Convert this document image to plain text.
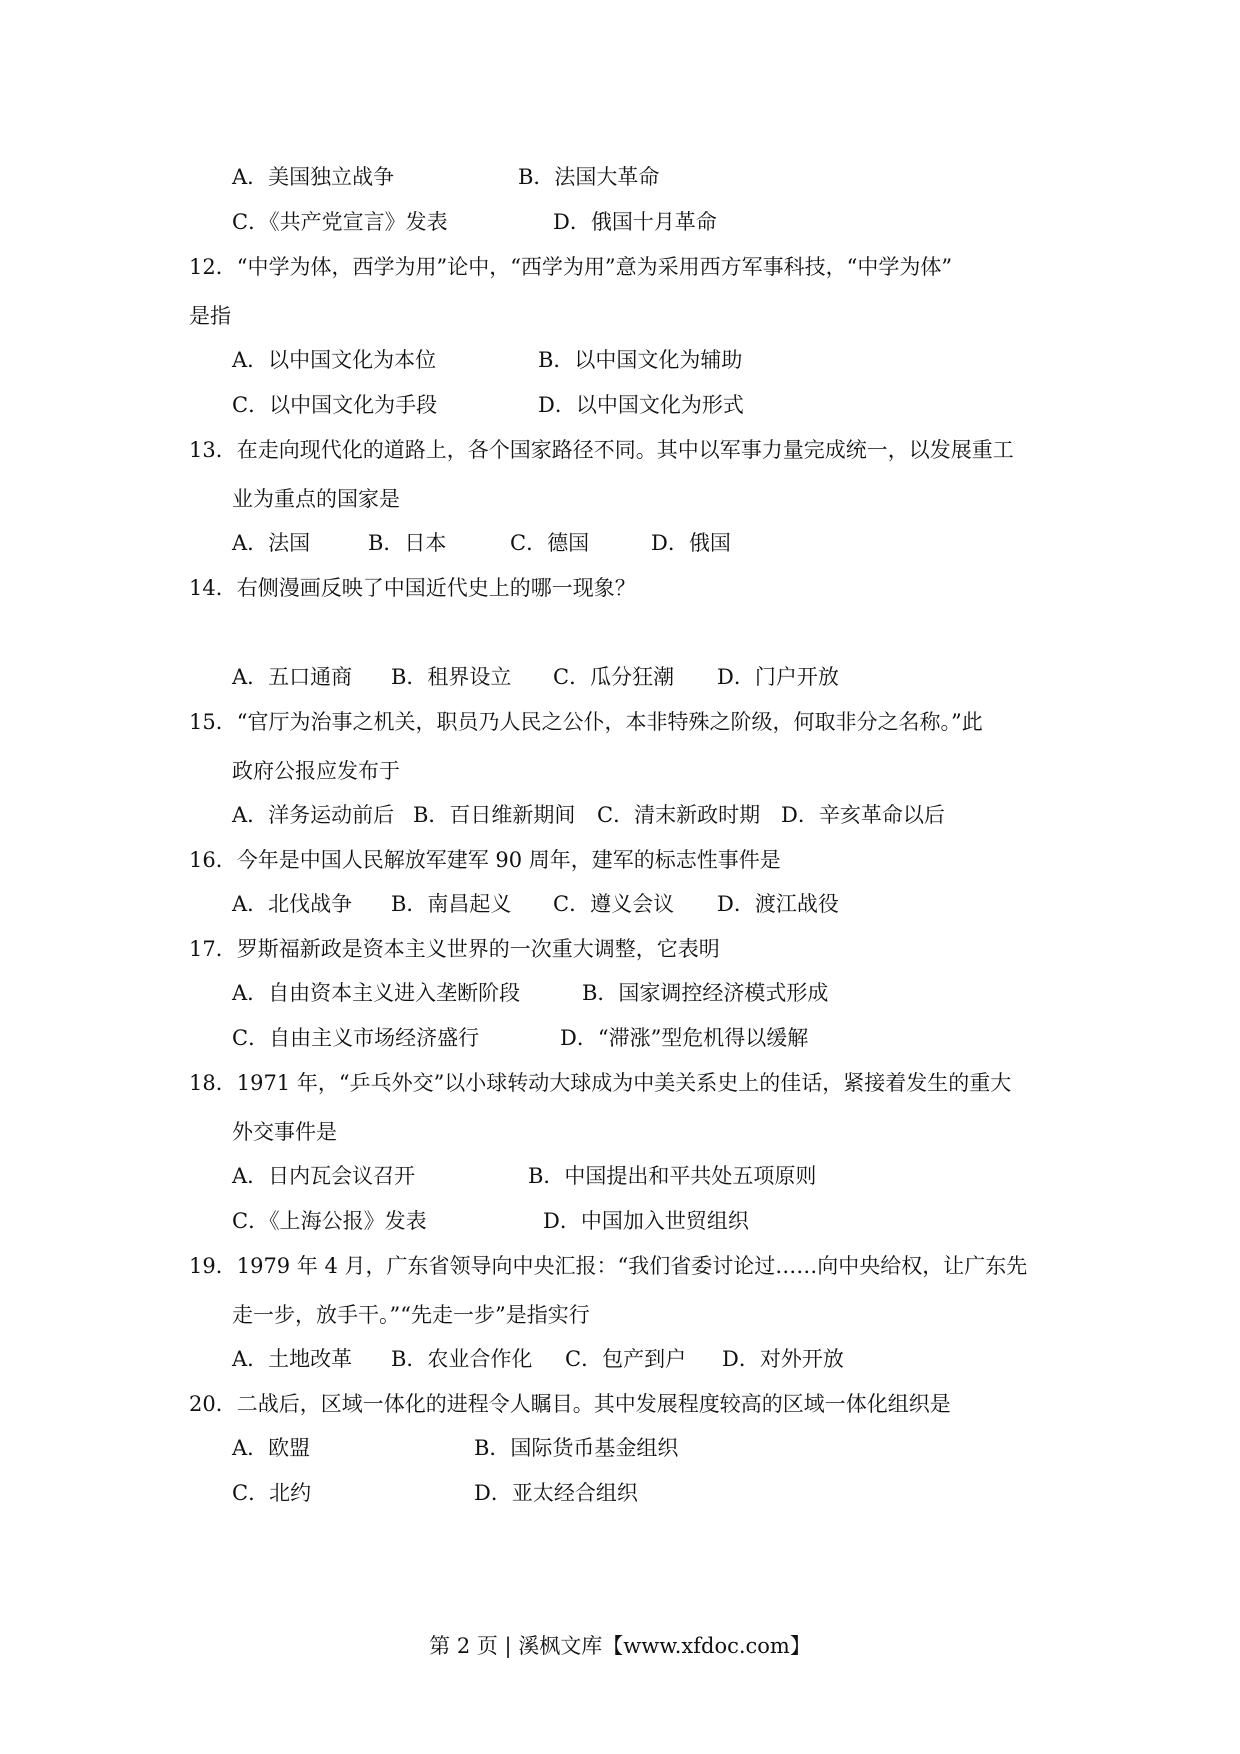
A．美国独立战争	B．法国大革命
C．《共产党宣言》发表	D．俄国十月革命
12．“中学为体，西学为用”论中，“西学为用”意为采用西方军事科技，“中学为体”
是指
A．以中国文化为本位	B．以中国文化为辅助
C．以中国文化为手段	D．以中国文化为形式
13．在走向现代化的道路上，各个国家路径不同。其中以军事力量完成统一，以发展重工
业为重点的国家是
A．法国	B．日本	C．德国	D．俄国
14．右侧漫画反映了中国近代史上的哪一现象？
A．五口通商 B．租界设立 C．瓜分狂潮 D．门户开放
15．“官厅为治事之机关，职员乃人民之公仆，本非特殊之阶级，何取非分之名称。”此
政府公报应发布于
A．洋务运动前后 B．百日维新期间 C．清末新政时期 D．辛亥革命以后
16．今年是中国人民解放军建军 90 周年，建军的标志性事件是
A．北伐战争 B．南昌起义 C．遵义会议 D．渡江战役
17．罗斯福新政是资本主义世界的一次重大调整，它表明
A．自由资本主义进入垄断阶段	B．国家调控经济模式形成
C．自由主义市场经济盛行	D．“滞涨”型危机得以缓解
18．1971 年，“乒乓外交”以小球转动大球成为中美关系史上的佳话，紧接着发生的重大
外交事件是
A．日内瓦会议召开	B．中国提出和平共处五项原则
C．《上海公报》发表	D．中国加入世贸组织
19．1979 年 4 月，广东省领导向中央汇报：“我们省委讨论过……向中央给权，让广东先
走一步，放手干。”“先走一步”是指实行
A．土地改革 B．农业合作化 C．包产到户 D．对外开放
20．二战后，区域一体化的进程令人瞩目。其中发展程度较高的区域一体化组织是
A．欧盟	B．国际货币基金组织
C．北约	D．亚太经合组织
第 2 页 | 溪枫文库【www.xfdoc.com】
